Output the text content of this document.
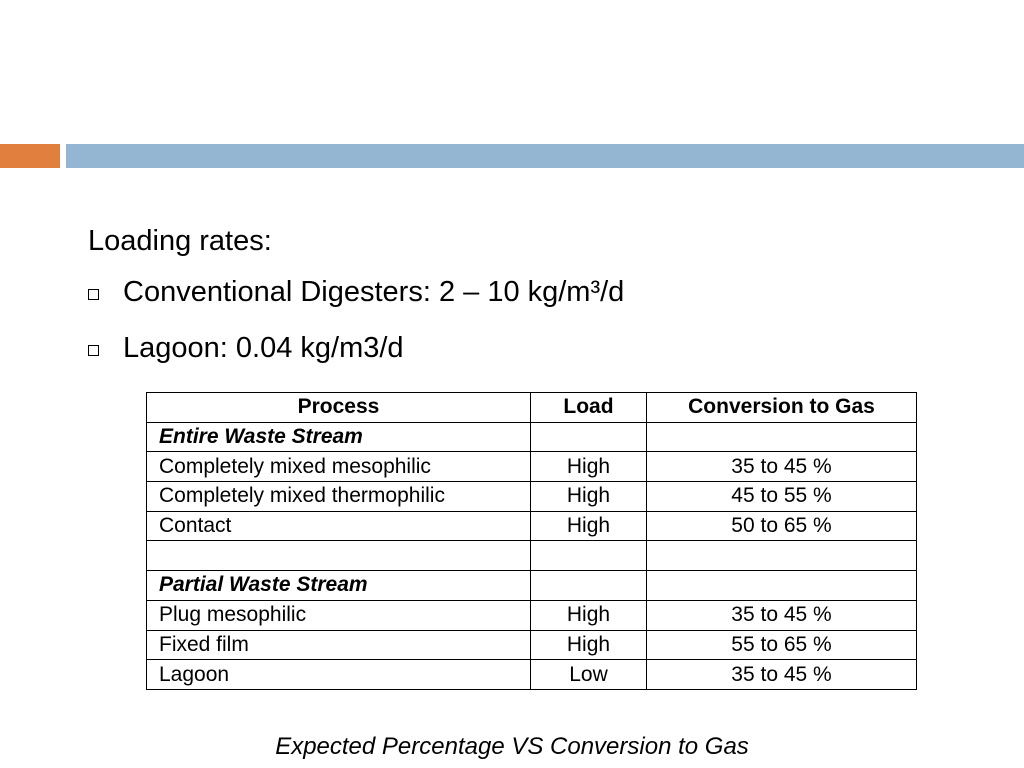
Loading rates:
Conventional Digesters: 2 – 10 kg/m³/d
Lagoon: 0.04 kg/m3/d
Process	Load	Conversion to Gas
Entire Waste Stream		
Completely mixed mesophilic	High	35 to 45 %
Completely mixed thermophilic	High	45 to 55 %
Contact	High	50 to 65 %

Partial Waste Stream		
Plug mesophilic	High	35 to 45 %
Fixed film	High	55 to 65 %
Lagoon	Low	35 to 45 %
Expected Percentage VS Conversion to Gas
